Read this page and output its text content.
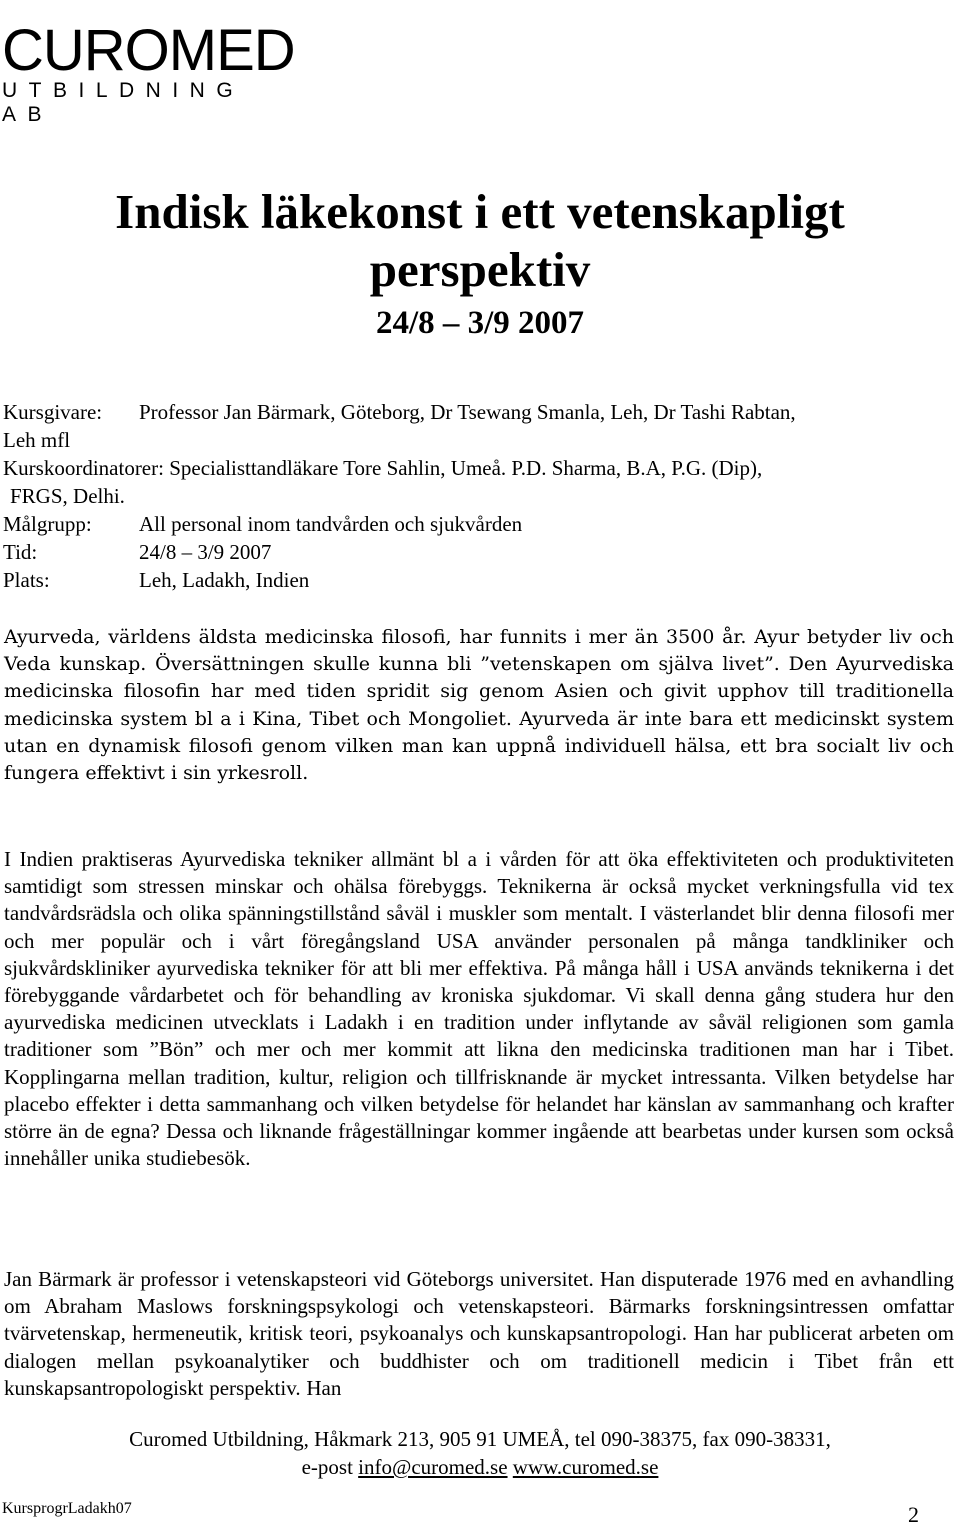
CUROMED
UTBILDNING AB
Indisk läkekonst i ett vetenskapligt
perspektiv
24/8 – 3/9 2007
Kursgivare: Professor Jan Bärmark, Göteborg, Dr Tsewang Smanla, Leh, Dr Tashi Rabtan,
Leh mfl
Kurskoordinatorer: Specialisttandläkare Tore Sahlin, Umeå. P.D. Sharma, B.A, P.G. (Dip),
FRGS, Delhi.
Målgrupp: All personal inom tandvården och sjukvården
Tid:	24/8 – 3/9 2007
Plats:	Leh, Ladakh, Indien

Ayurveda, världens äldsta medicinska filosofi, har funnits i mer än 3500 år. Ayur betyder liv och Veda kunskap. Översättningen skulle kunna bli ”vetenskapen om själva livet”. Den Ayurvediska medicinska filosofin har med tiden spridit sig genom Asien och givit upphov till traditionella medicinska system bl a i Kina, Tibet och Mongoliet. Ayurveda är inte bara ett medicinskt system utan en dynamisk filosofi genom vilken man kan uppnå individuell hälsa, ett bra socialt liv och fungera effektivt i sin yrkesroll.

I Indien praktiseras Ayurvediska tekniker allmänt bl a i vården för att öka effektiviteten och produktiviteten samtidigt som stressen minskar och ohälsa förebyggs. Teknikerna är också mycket verkningsfulla vid tex tandvårdsrädsla och olika spänningstillstånd såväl i muskler som mentalt. I västerlandet blir denna filosofi mer och mer populär och i vårt föregångsland USA använder personalen på många tandkliniker och sjukvårdskliniker ayurvediska tekniker för att bli mer effektiva. På många håll i USA används teknikerna i det förebyggande vårdarbetet och för behandling av kroniska sjukdomar. Vi skall denna gång studera hur den ayurvediska medicinen utvecklats i Ladakh i en tradition under inflytande av såväl religionen som gamla traditioner som ”Bön” och mer och mer kommit att likna den medicinska traditionen man har i Tibet. Kopplingarna mellan tradition, kultur, religion och tillfrisknande är mycket intressanta. Vilken betydelse har placebo effekter i detta sammanhang och vilken betydelse för helandet har känslan av sammanhang och krafter större än de egna? Dessa och liknande frågeställningar kommer ingående att bearbetas under kursen som också innehåller unika studiebesök.

Jan Bärmark är professor i vetenskapsteori vid Göteborgs universitet. Han disputerade 1976 med en avhandling om Abraham Maslows forskningspsykologi och vetenskapsteori. Bärmarks forskningsintressen omfattar tvärvetenskap, hermeneutik, kritisk teori, psykoanalys och kunskapsantropologi. Han har publicerat arbeten om dialogen mellan psykoanalytiker och buddhister och om traditionell medicin i Tibet från ett kunskapsantropologiskt perspektiv. Han

Curomed Utbildning, Håkmark 213, 905 91 UMEÅ, tel 090-38375, fax 090-38331,
e-post info@curomed.se www.curomed.se
KursprogrLadakh07	2
